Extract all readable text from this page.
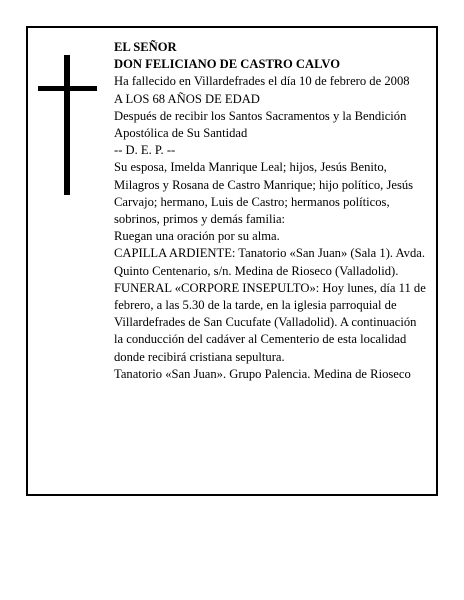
EL SEÑOR

DON FELICIANO DE CASTRO CALVO

Ha fallecido en Villardefrades el día 10 de febrero de 2008

A LOS 68 AÑOS DE EDAD

Después de recibir los Santos Sacramentos y la Bendición Apostólica de Su Santidad

-- D. E. P. --

Su esposa, Imelda Manrique Leal; hijos, Jesús Benito, Milagros y Rosana de Castro Manrique; hijo político, Jesús Carvajo; hermano, Luis de Castro; hermanos políticos, sobrinos, primos y demás familia:

Ruegan una oración por su alma.

CAPILLA ARDIENTE: Tanatorio «San Juan» (Sala 1). Avda. Quinto Centenario, s/n. Medina de Rioseco (Valladolid).

FUNERAL «CORPORE INSEPULTO»: Hoy lunes, día 11 de febrero, a las 5.30 de la tarde, en la iglesia parroquial de Villardefrades de San Cucufate (Valladolid). A continuación la conducción del cadáver al Cementerio de esta localidad donde recibirá cristiana sepultura.

Tanatorio «San Juan». Grupo Palencia. Medina de Rioseco
